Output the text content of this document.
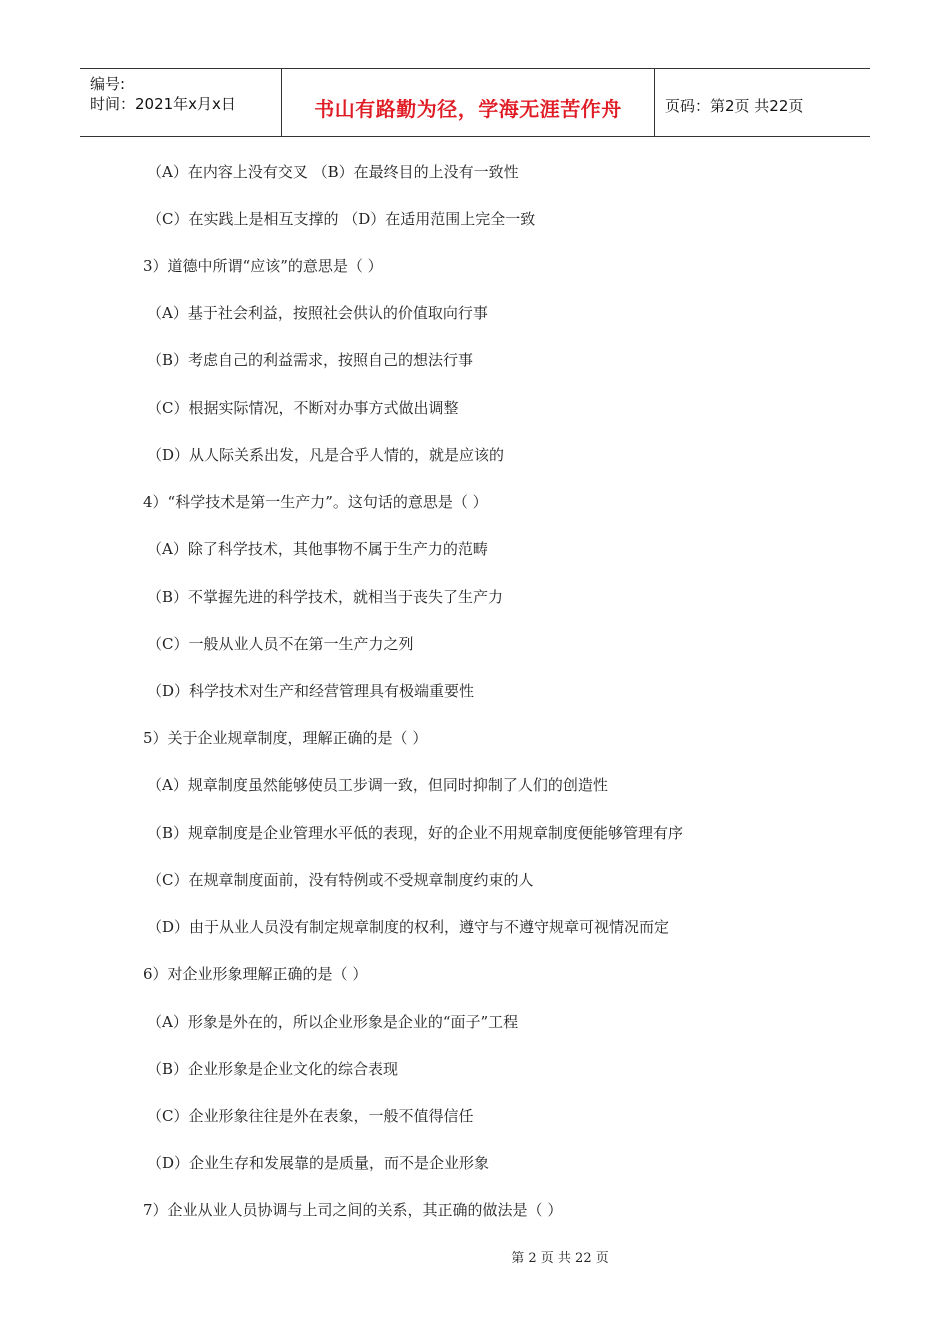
编号:
时间：2021年x月x日	书山有路勤为径，学海无涯苦作舟	页码：第2页 共22页
（A）在内容上没有交叉 （B）在最终目的上没有一致性
（C）在实践上是相互支撑的 （D）在适用范围上完全一致
3）道德中所谓“应该”的意思是（ ）
（A）基于社会利益，按照社会供认的价值取向行事
（B）考虑自己的利益需求，按照自己的想法行事
（C）根据实际情况，不断对办事方式做出调整
（D）从人际关系出发，凡是合乎人情的，就是应该的
4）“科学技术是第一生产力”。这句话的意思是（ ）
（A）除了科学技术，其他事物不属于生产力的范畴
（B）不掌握先进的科学技术，就相当于丧失了生产力
（C）一般从业人员不在第一生产力之列
（D）科学技术对生产和经营管理具有极端重要性
5）关于企业规章制度，理解正确的是（ ）
（A）规章制度虽然能够使员工步调一致，但同时抑制了人们的创造性
（B）规章制度是企业管理水平低的表现，好的企业不用规章制度便能够管理有序
（C）在规章制度面前，没有特例或不受规章制度约束的人
（D）由于从业人员没有制定规章制度的权利，遵守与不遵守规章可视情况而定
6）对企业形象理解正确的是（ ）
（A）形象是外在的，所以企业形象是企业的“面子”工程
（B）企业形象是企业文化的综合表现
（C）企业形象往往是外在表象，一般不值得信任
（D）企业生存和发展靠的是质量，而不是企业形象
7）企业从业人员协调与上司之间的关系，其正确的做法是（ ）
第 2 页 共 22 页
